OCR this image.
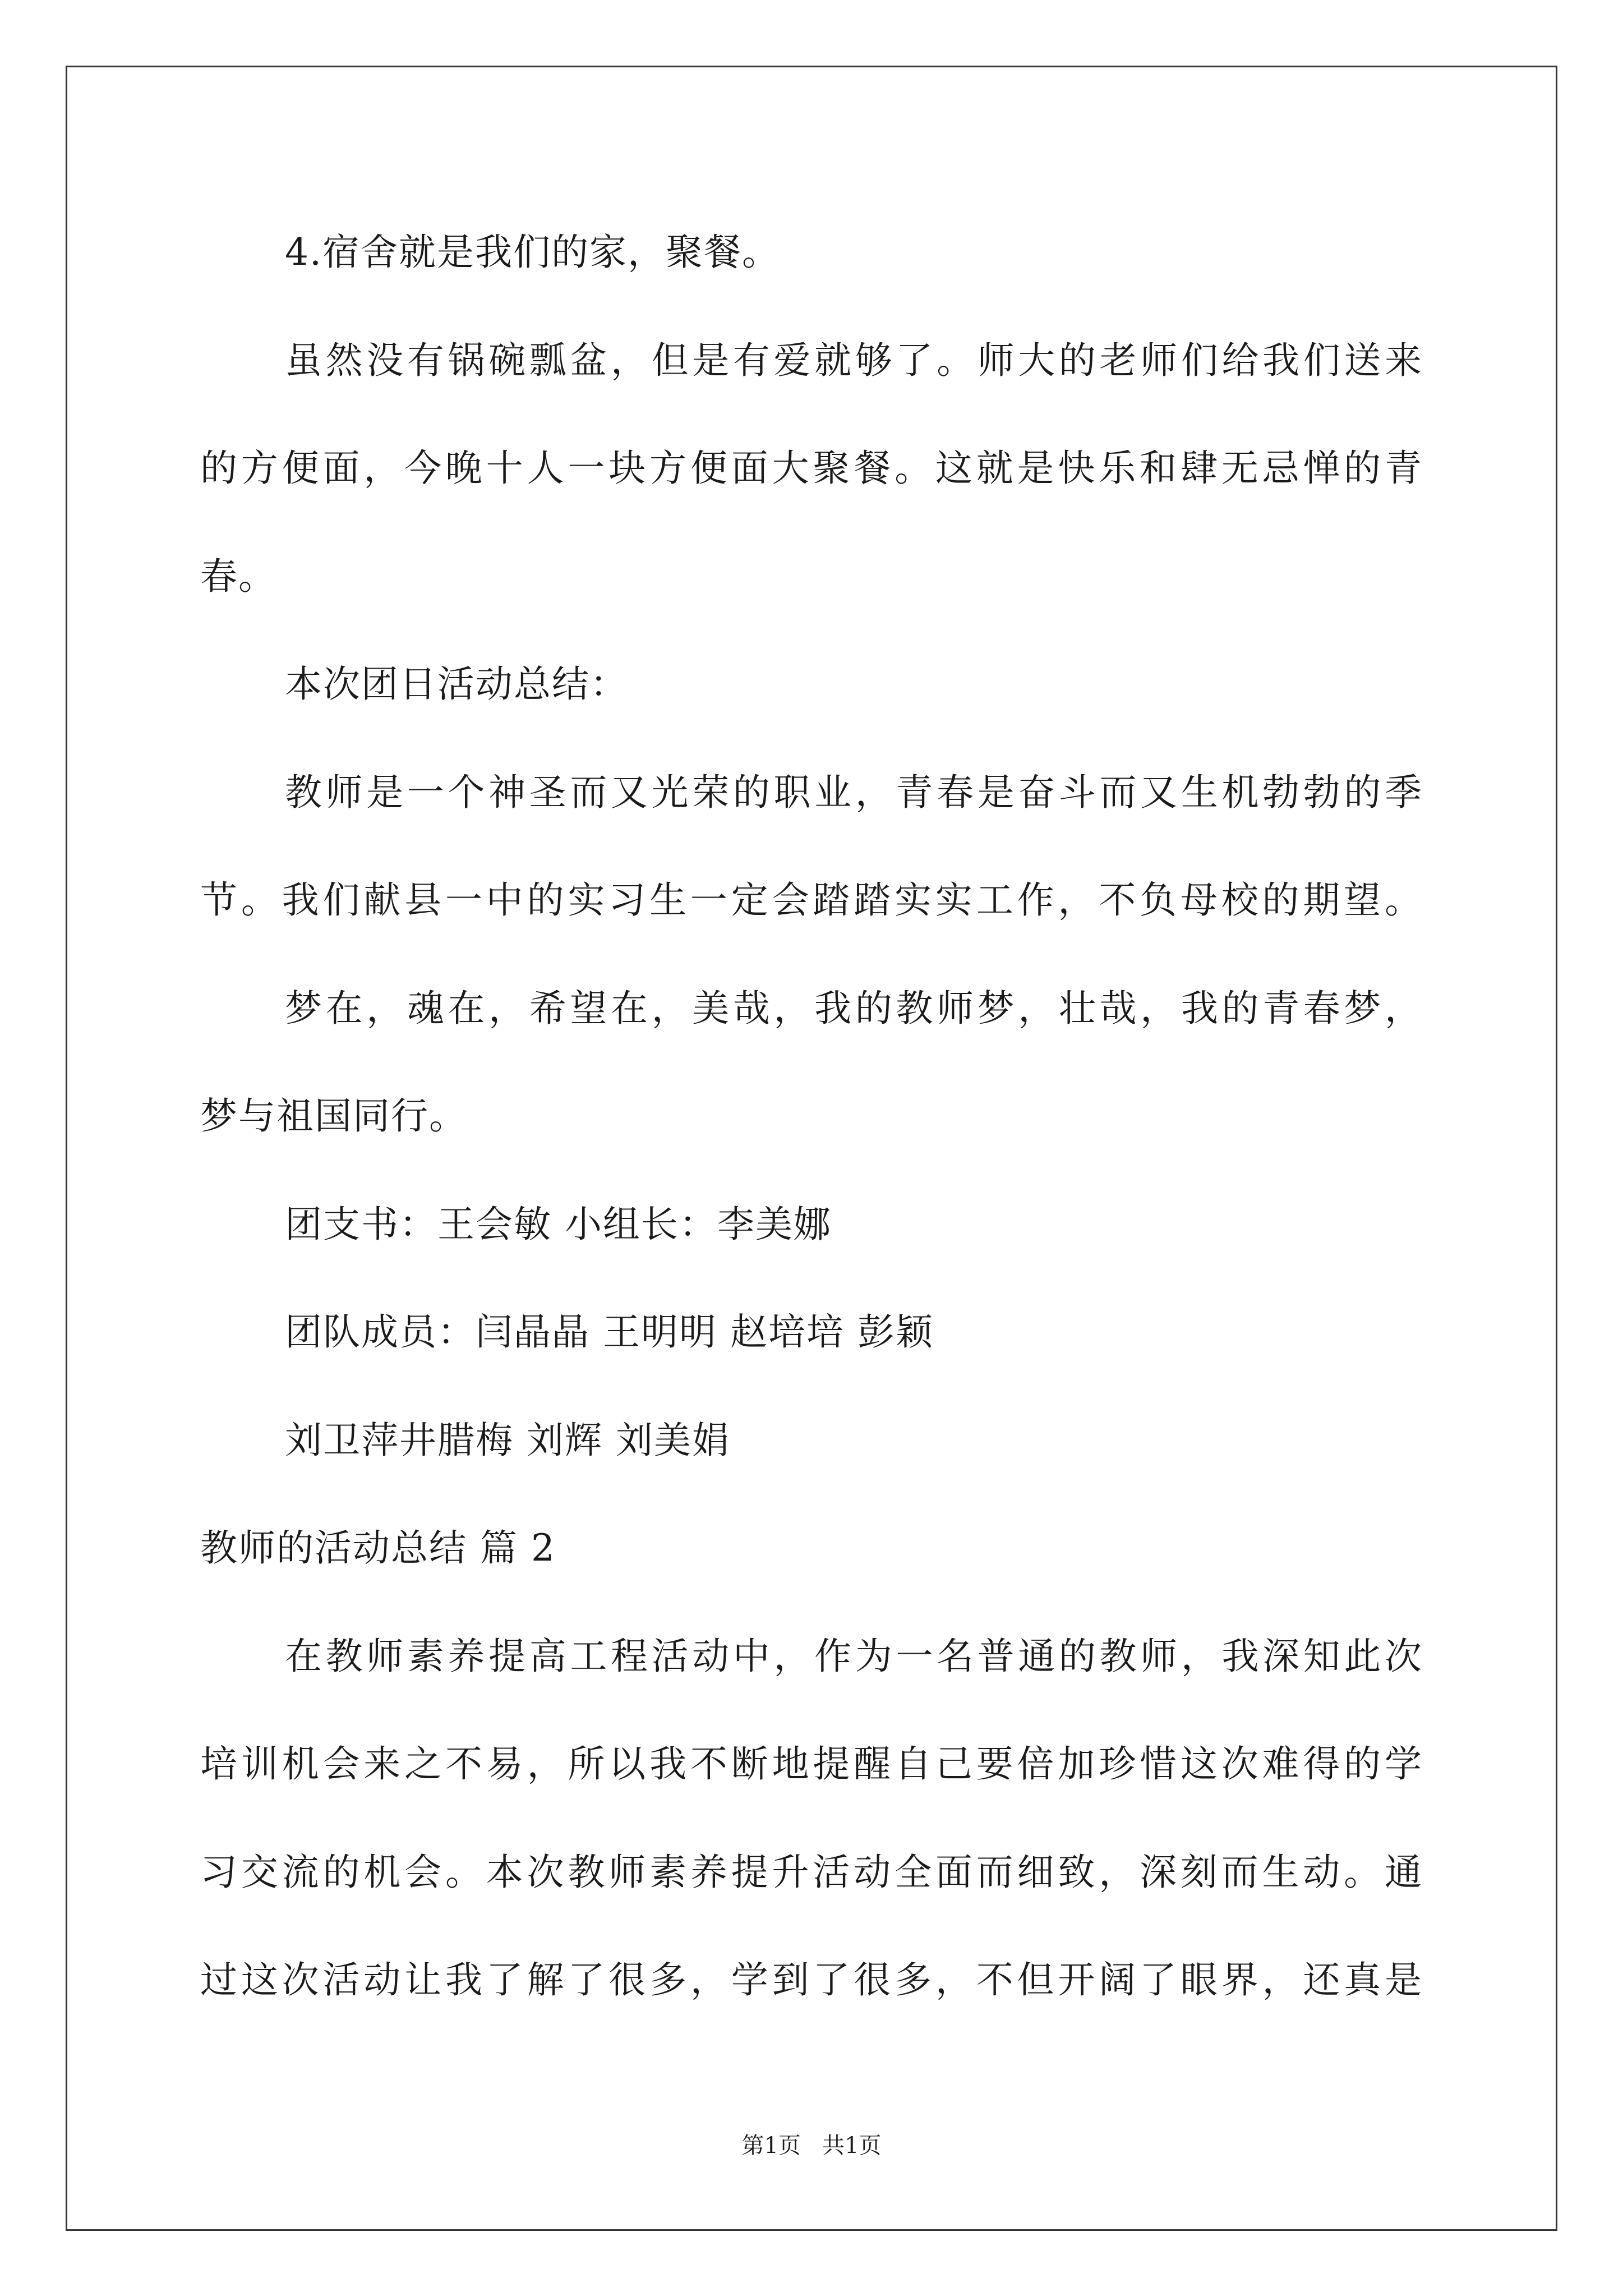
4.宿舍就是我们的家，聚餐。
虽然没有锅碗瓢盆，但是有爱就够了。师大的老师们给我们送来
的方便面，今晚十人一块方便面大聚餐。这就是快乐和肆无忌惮的青
春。
本次团日活动总结：
教师是一个神圣而又光荣的职业，青春是奋斗而又生机勃勃的季
节。我们献县一中的实习生一定会踏踏实实工作，不负母校的期望。
梦在，魂在，希望在，美哉，我的教师梦，壮哉，我的青春梦，
梦与祖国同行。
团支书：王会敏 小组长：李美娜
团队成员：闫晶晶 王明明 赵培培 彭颖
刘卫萍井腊梅 刘辉 刘美娟
教师的活动总结 篇 2
在教师素养提高工程活动中，作为一名普通的教师，我深知此次
培训机会来之不易，所以我不断地提醒自己要倍加珍惜这次难得的学
习交流的机会。本次教师素养提升活动全面而细致，深刻而生动。通
过这次活动让我了解了很多，学到了很多，不但开阔了眼界，还真是
第1页   共1页
